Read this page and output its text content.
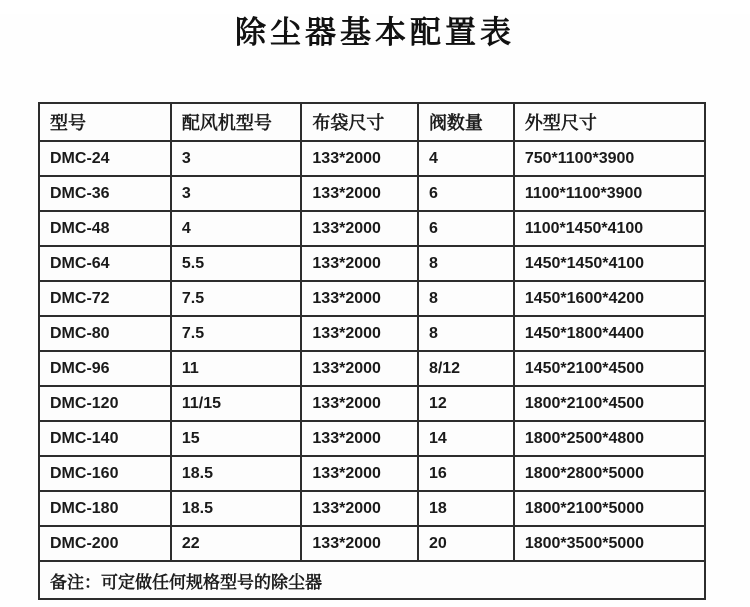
除尘器基本配置表
型号	配风机型号	布袋尺寸	阀数量	外型尺寸
DMC-24	3	133*2000	4	750*1100*3900
DMC-36	3	133*2000	6	1100*1100*3900
DMC-48	4	133*2000	6	1100*1450*4100
DMC-64	5.5	133*2000	8	1450*1450*4100
DMC-72	7.5	133*2000	8	1450*1600*4200
DMC-80	7.5	133*2000	8	1450*1800*4400
DMC-96	11	133*2000	8/12	1450*2100*4500
DMC-120	11/15	133*2000	12	1800*2100*4500
DMC-140	15	133*2000	14	1800*2500*4800
DMC-160	18.5	133*2000	16	1800*2800*5000
DMC-180	18.5	133*2000	18	1800*2100*5000
DMC-200	22	133*2000	20	1800*3500*5000
备注：可定做任何规格型号的除尘器				
